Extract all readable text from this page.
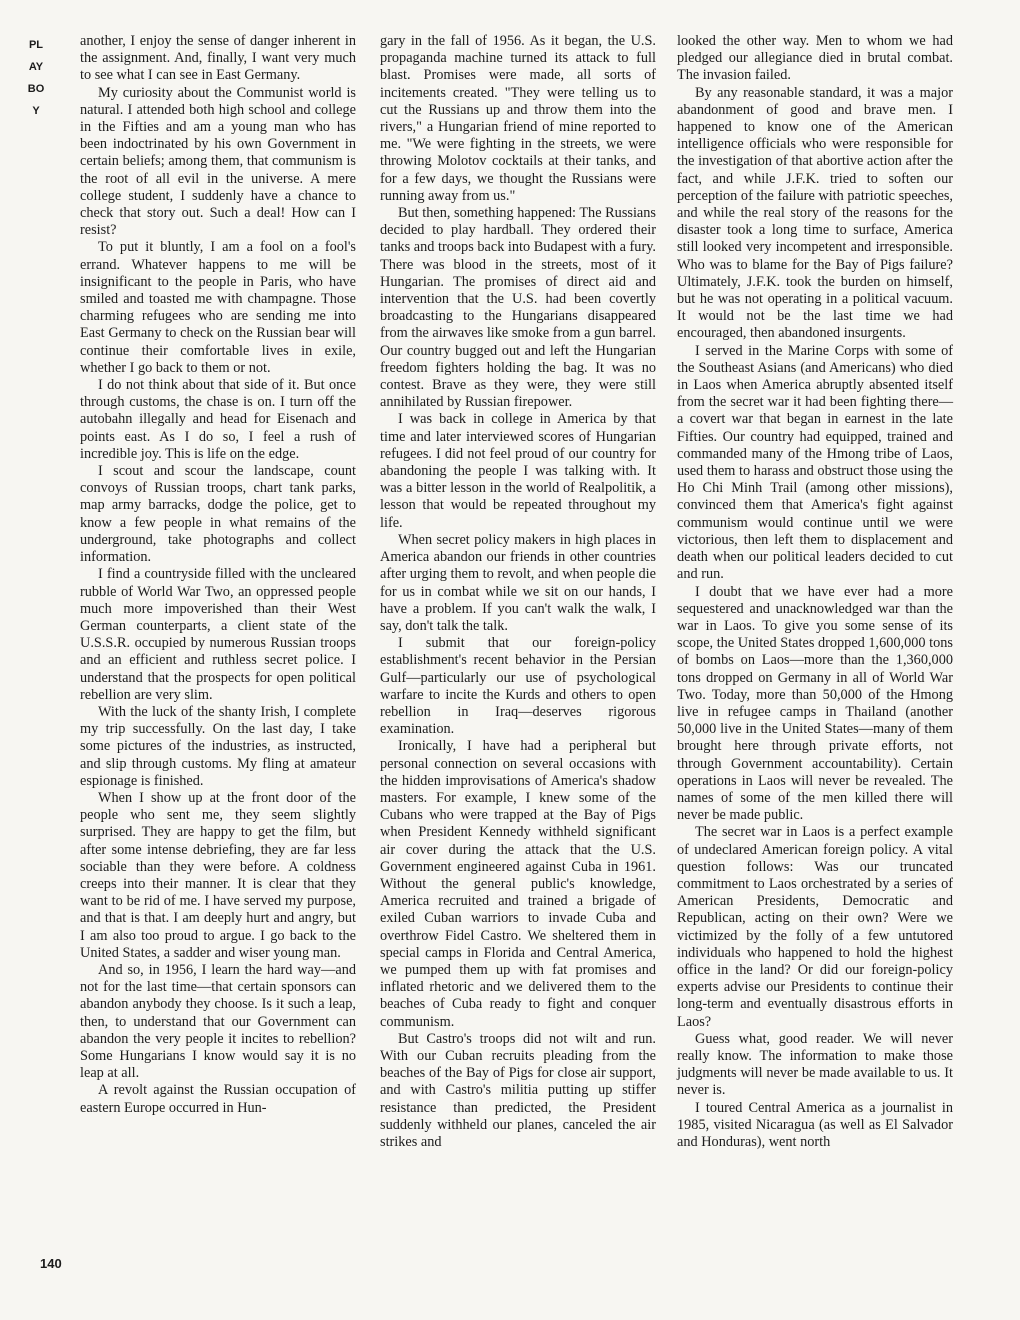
PLAYBOY

another, I enjoy the sense of danger inherent in the assignment. And, finally, I want very much to see what I can see in East Germany.

My curiosity about the Communist world is natural. I attended both high school and college in the Fifties and am a young man who has been indoctrinated by his own Government in certain beliefs; among them, that communism is the root of all evil in the universe. A mere college student, I suddenly have a chance to check that story out. Such a deal! How can I resist?

To put it bluntly, I am a fool on a fool's errand. Whatever happens to me will be insignificant to the people in Paris, who have smiled and toasted me with champagne. Those charming refugees who are sending me into East Germany to check on the Russian bear will continue their comfortable lives in exile, whether I go back to them or not.

I do not think about that side of it. But once through customs, the chase is on. I turn off the autobahn illegally and head for Eisenach and points east. As I do so, I feel a rush of incredible joy. This is life on the edge.

I scout and scour the landscape, count convoys of Russian troops, chart tank parks, map army barracks, dodge the police, get to know a few people in what remains of the underground, take photographs and collect information.

I find a countryside filled with the uncleared rubble of World War Two, an oppressed people much more impoverished than their West German counterparts, a client state of the U.S.S.R. occupied by numerous Russian troops and an efficient and ruthless secret police. I understand that the prospects for open political rebellion are very slim.

With the luck of the shanty Irish, I complete my trip successfully. On the last day, I take some pictures of the industries, as instructed, and slip through customs. My fling at amateur espionage is finished.

When I show up at the front door of the people who sent me, they seem slightly surprised. They are happy to get the film, but after some intense debriefing, they are far less sociable than they were before. A coldness creeps into their manner. It is clear that they want to be rid of me. I have served my purpose, and that is that. I am deeply hurt and angry, but I am also too proud to argue. I go back to the United States, a sadder and wiser young man.

And so, in 1956, I learn the hard way—and not for the last time—that certain sponsors can abandon anybody they choose. Is it such a leap, then, to understand that our Government can abandon the very people it incites to rebellion? Some Hungarians I know would say it is no leap at all.

A revolt against the Russian occupation of eastern Europe occurred in Hun-

gary in the fall of 1956. As it began, the U.S. propaganda machine turned its attack to full blast. Promises were made, all sorts of incitements created. "They were telling us to cut the Russians up and throw them into the rivers," a Hungarian friend of mine reported to me. "We were fighting in the streets, we were throwing Molotov cocktails at their tanks, and for a few days, we thought the Russians were running away from us."

But then, something happened: The Russians decided to play hardball. They ordered their tanks and troops back into Budapest with a fury. There was blood in the streets, most of it Hungarian. The promises of direct aid and intervention that the U.S. had been covertly broadcasting to the Hungarians disappeared from the airwaves like smoke from a gun barrel. Our country bugged out and left the Hungarian freedom fighters holding the bag. It was no contest. Brave as they were, they were still annihilated by Russian firepower.

I was back in college in America by that time and later interviewed scores of Hungarian refugees. I did not feel proud of our country for abandoning the people I was talking with. It was a bitter lesson in the world of Realpolitik, a lesson that would be repeated throughout my life.

When secret policy makers in high places in America abandon our friends in other countries after urging them to revolt, and when people die for us in combat while we sit on our hands, I have a problem. If you can't walk the walk, I say, don't talk the talk.

I submit that our foreign-policy establishment's recent behavior in the Persian Gulf—particularly our use of psychological warfare to incite the Kurds and others to open rebellion in Iraq—deserves rigorous examination.

Ironically, I have had a peripheral but personal connection on several occasions with the hidden improvisations of America's shadow masters. For example, I knew some of the Cubans who were trapped at the Bay of Pigs when President Kennedy withheld significant air cover during the attack that the U.S. Government engineered against Cuba in 1961. Without the general public's knowledge, America recruited and trained a brigade of exiled Cuban warriors to invade Cuba and overthrow Fidel Castro. We sheltered them in special camps in Florida and Central America, we pumped them up with fat promises and inflated rhetoric and we delivered them to the beaches of Cuba ready to fight and conquer communism.

But Castro's troops did not wilt and run. With our Cuban recruits pleading from the beaches of the Bay of Pigs for close air support, and with Castro's militia putting up stiffer resistance than predicted, the President suddenly withheld our planes, canceled the air strikes and

looked the other way. Men to whom we had pledged our allegiance died in brutal combat. The invasion failed.

By any reasonable standard, it was a major abandonment of good and brave men. I happened to know one of the American intelligence officials who were responsible for the investigation of that abortive action after the fact, and while J.F.K. tried to soften our perception of the failure with patriotic speeches, and while the real story of the reasons for the disaster took a long time to surface, America still looked very incompetent and irresponsible. Who was to blame for the Bay of Pigs failure? Ultimately, J.F.K. took the burden on himself, but he was not operating in a political vacuum. It would not be the last time we had encouraged, then abandoned insurgents.

I served in the Marine Corps with some of the Southeast Asians (and Americans) who died in Laos when America abruptly absented itself from the secret war it had been fighting there—a covert war that began in earnest in the late Fifties. Our country had equipped, trained and commanded many of the Hmong tribe of Laos, used them to harass and obstruct those using the Ho Chi Minh Trail (among other missions), convinced them that America's fight against communism would continue until we were victorious, then left them to displacement and death when our political leaders decided to cut and run.

I doubt that we have ever had a more sequestered and unacknowledged war than the war in Laos. To give you some sense of its scope, the United States dropped 1,600,000 tons of bombs on Laos—more than the 1,360,000 tons dropped on Germany in all of World War Two. Today, more than 50,000 of the Hmong live in refugee camps in Thailand (another 50,000 live in the United States—many of them brought here through private efforts, not through Government accountability). Certain operations in Laos will never be revealed. The names of some of the men killed there will never be made public.

The secret war in Laos is a perfect example of undeclared American foreign policy. A vital question follows: Was our truncated commitment to Laos orchestrated by a series of American Presidents, Democratic and Republican, acting on their own? Were we victimized by the folly of a few untutored individuals who happened to hold the highest office in the land? Or did our foreign-policy experts advise our Presidents to continue their long-term and eventually disastrous efforts in Laos?

Guess what, good reader. We will never really know. The information to make those judgments will never be made available to us. It never is.

I toured Central America as a journalist in 1985, visited Nicaragua (as well as El Salvador and Honduras), went north

140
